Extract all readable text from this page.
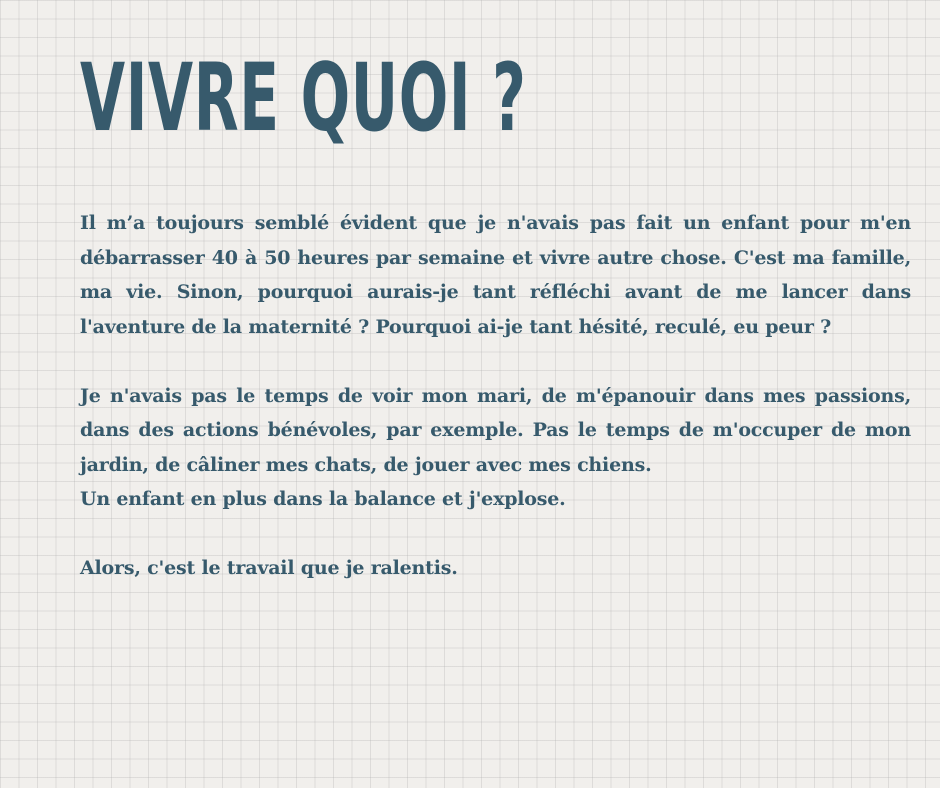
VIVRE QUOI ?

Il m’a toujours semblé évident que je n'avais pas fait un enfant pour m'en débarrasser 40 à 50 heures par semaine et vivre autre chose. C'est ma famille, ma vie. Sinon, pourquoi aurais-je tant réfléchi avant de me lancer dans l'aventure de la maternité ? Pourquoi ai-je tant hésité, reculé, eu peur ?

Je n'avais pas le temps de voir mon mari, de m'épanouir dans mes passions, dans des actions bénévoles, par exemple. Pas le temps de m'occuper de mon jardin, de câliner mes chats, de jouer avec mes chiens.
Un enfant en plus dans la balance et j'explose.

Alors, c'est le travail que je ralentis.
